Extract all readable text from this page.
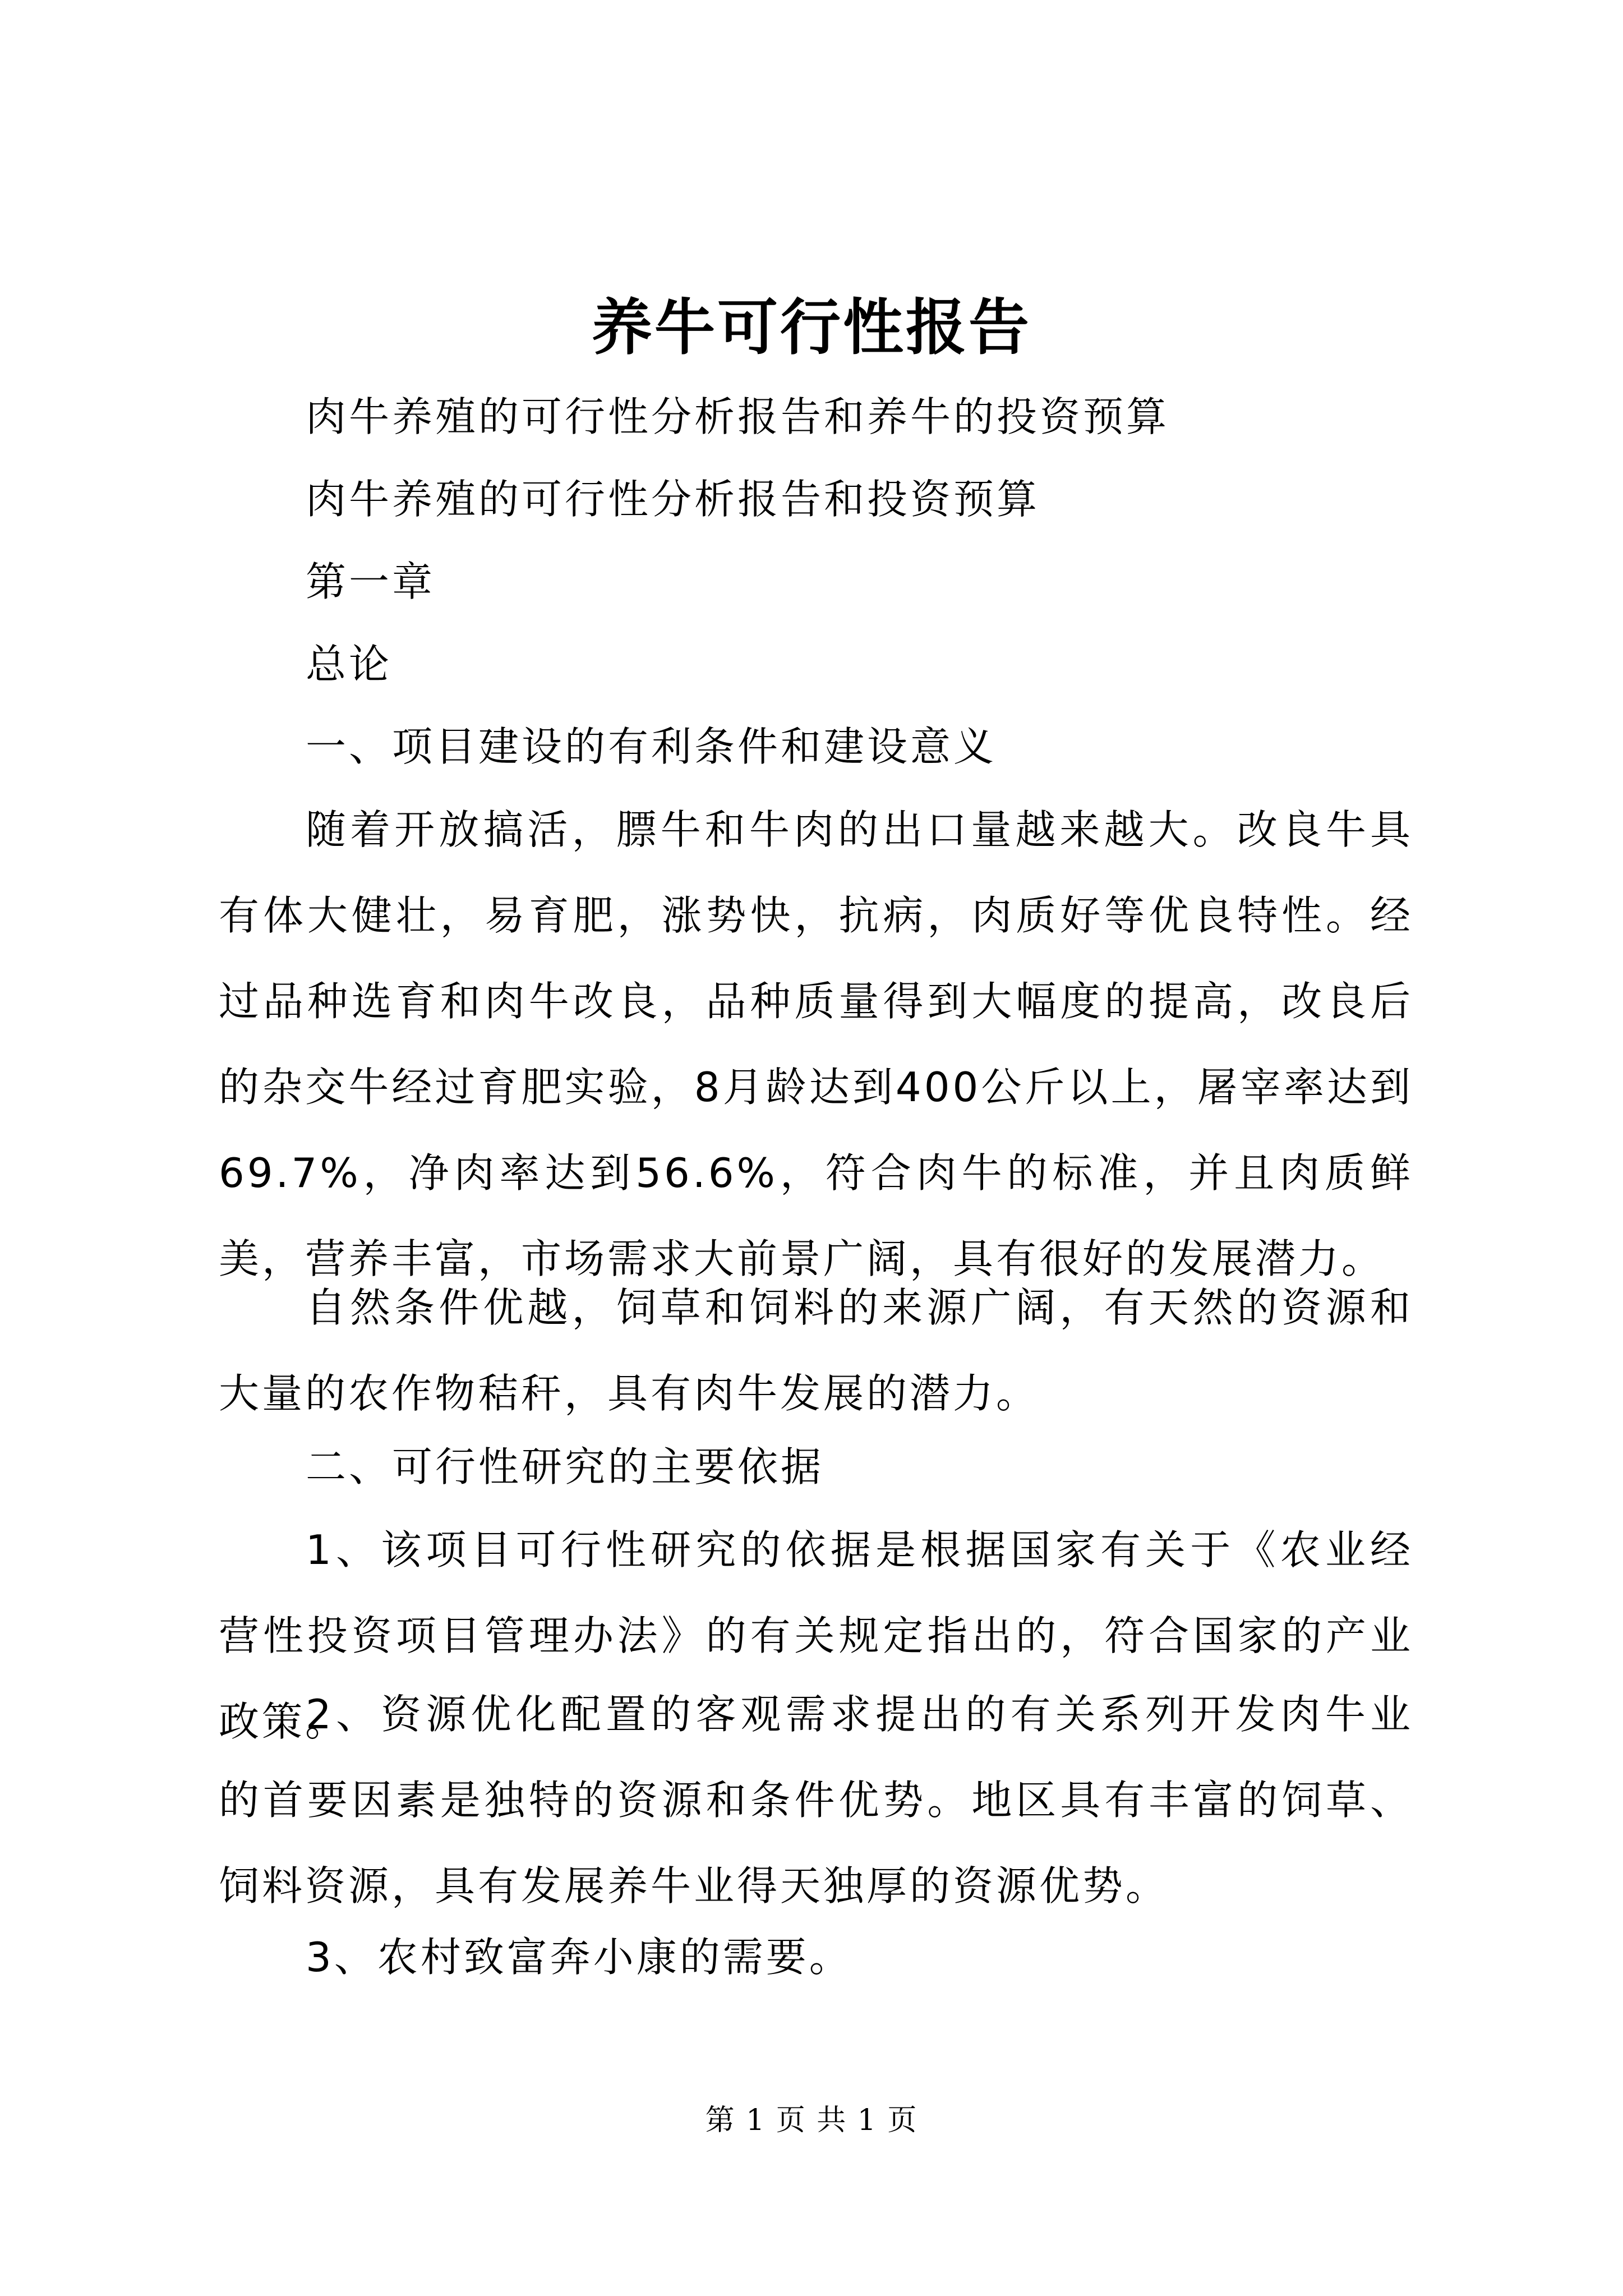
养牛可行性报告
肉牛养殖的可行性分析报告和养牛的投资预算
肉牛养殖的可行性分析报告和投资预算
第一章
总论
一、项目建设的有利条件和建设意义

随着开放搞活，膘牛和牛肉的出口量越来越大。改良牛具有体大健壮，易育肥，涨势快，抗病，肉质好等优良特性。经过品种选育和肉牛改良，品种质量得到大幅度的提高，改良后的杂交牛经过育肥实验，8月龄达到400公斤以上，屠宰率达到69.7%，净肉率达到56.6%，符合肉牛的标准，并且肉质鲜美，营养丰富，市场需求大前景广阔，具有很好的发展潜力。

自然条件优越，饲草和饲料的来源广阔，有天然的资源和大量的农作物秸秆，具有肉牛发展的潜力。

二、可行性研究的主要依据

1、该项目可行性研究的依据是根据国家有关于《农业经营性投资项目管理办法》的有关规定指出的，符合国家的产业政策。

2、资源优化配置的客观需求提出的有关系列开发肉牛业的首要因素是独特的资源和条件优势。地区具有丰富的饲草、饲料资源，具有发展养牛业得天独厚的资源优势。

3、农村致富奔小康的需要。
第 1 页 共 1 页
